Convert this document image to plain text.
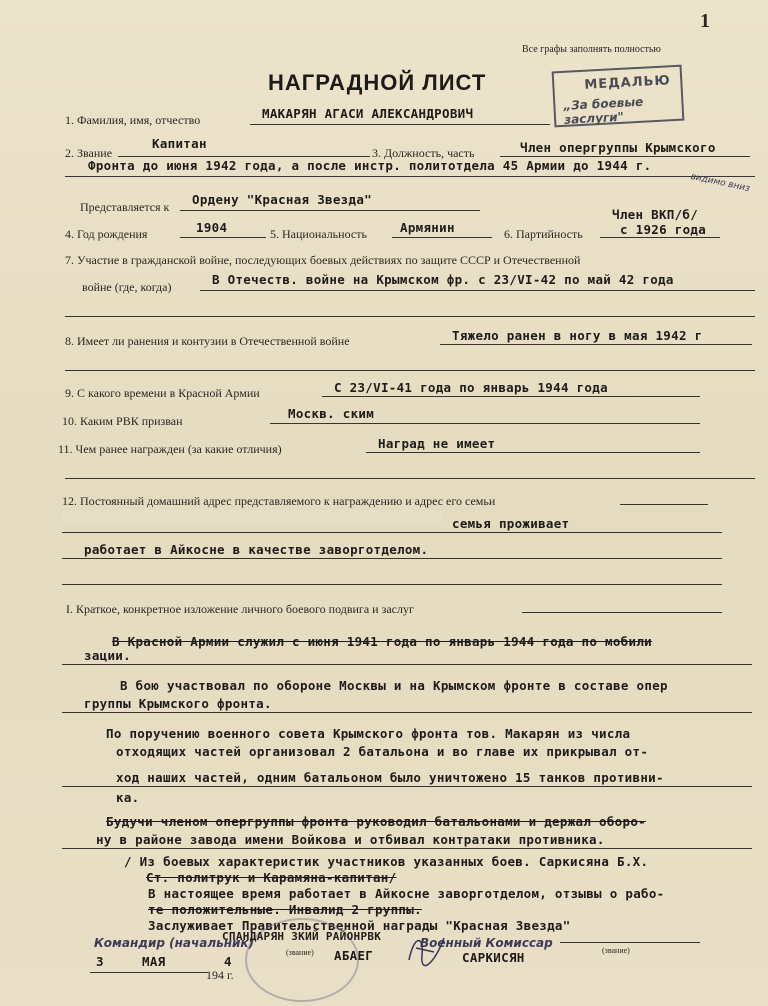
Все графы заполнять полностью
1
НАГРАДНОЙ ЛИСТ	МЕДАЛЬЮ
„За боевые заслуги"
1. Фамилия, имя, отчество	МАКАРЯН АГАСИ АЛЕКСАНДРОВИЧ
2. Звание
Капитан
3. Должность, часть	Член опергруппы Крымского
Фронта до июня 1942 года, а после инстр. политотдела 45 Армии до 1944 г.
видимо вниз
Представляется к Ордену "Красная Звезда"
4. Год рождения	1904	5. Национальность	Армянин	6. Партийность
Член ВКП/б/
с 1926 года
7. Участие в гражданской войне, последующих боевых действиях по защите СССР и Отечественной
войне (где, когда)	В Отечеств. войне на Крымском фр. с 23/VI-42 по май 42 года
8. Имеет ли ранения и контузии в Отечественной войне	Тяжело ранен в ногу в мая 1942 г
9. С какого времени в Красной Армии	С 23/VI-41 года по январь 1944 года
10. Каким РВК призван	Москв. ским
11. Чем ранее награжден (за какие отличия)	Наград не имеет
12. Постоянный домашний адрес представляемого к награждению и адрес его семьи
семья проживает
работает в Айкосне в качестве заворготделом.
I. Краткое, конкретное изложение личного боевого подвига и заслуг
В Красной Армии служил с июня 1941 года по январь 1944 года по мобили
зации.
В бою участвовал по обороне Москвы и на Крымском фронте в составе опер
группы Крымского фронта.
По поручению военного совета Крымского фронта тов. Макарян из числа
отходящих частей организовал 2 батальона и во главе их прикрывал от-
ход наших частей, одним батальоном было уничтожено 15 танков противни-
ка.
Будучи членом опергруппы фронта руководил батальонами и держал оборо-
ну в районе завода имени Войкова и отбивал контратаки противника.
/ Из боевых характеристик участников указанных боев. Саркисяна Б.Х.
Ст. политрук и Карамяна-капитан/
В настоящее время работает в Айкосне заворготделом, отзывы о рабо-
те положительные. Инвалид 2 группы.
Заслуживает Правительственной награды "Красная Звезда"
Командир (начальник)
СПАНДАРЯН ЗКИЙ РАЙОНРВК
(звание) АБАЕГ
Военный Комиссар
САРКИСЯН	(звание)
3	МАЯ	4
194 г.
